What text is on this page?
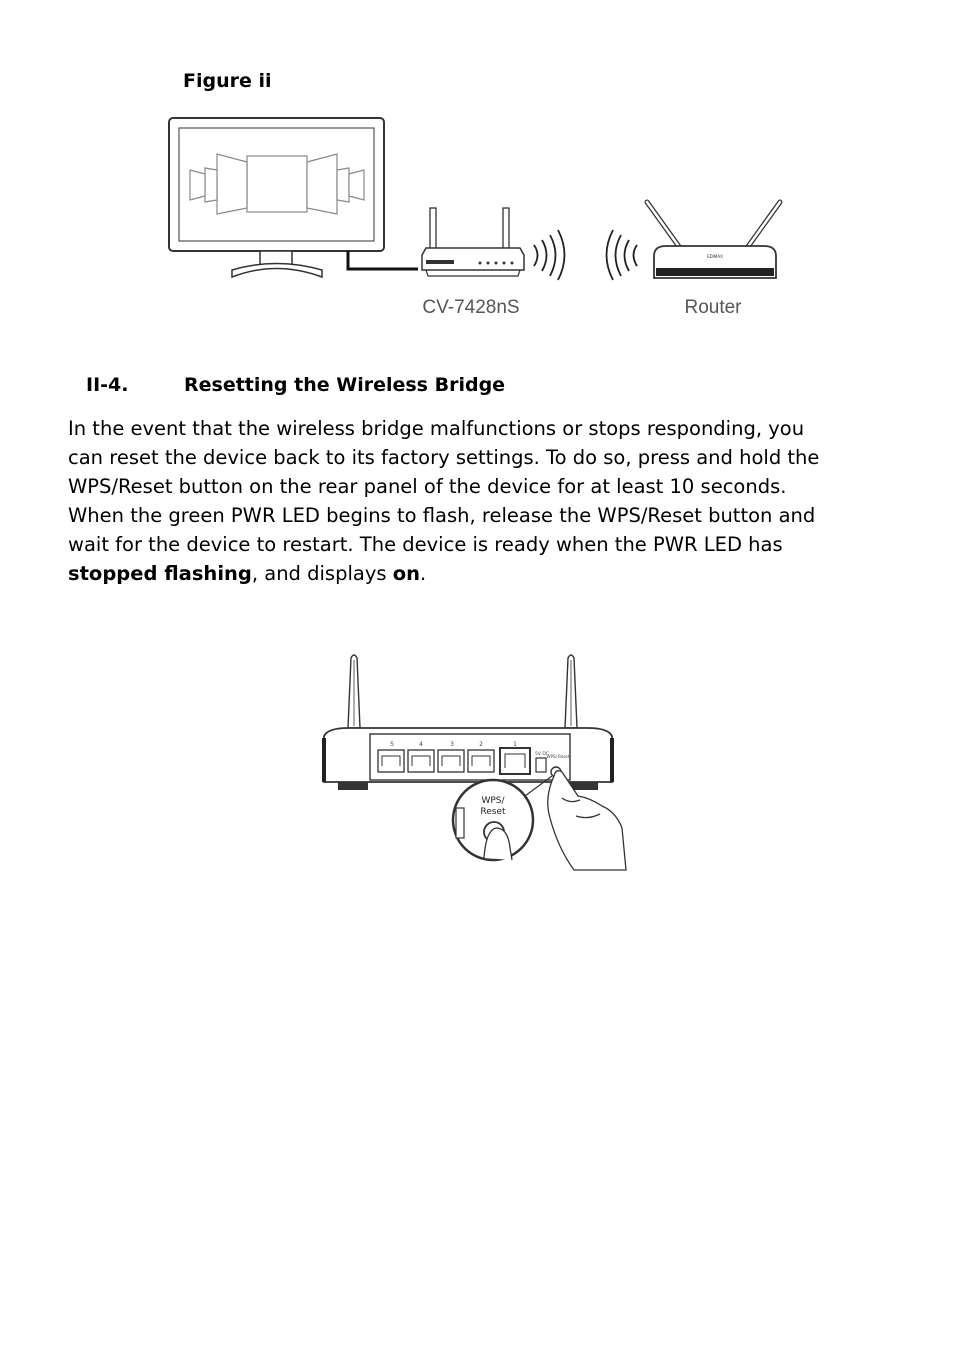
Figure ii
EDIMAX
CV-7428nS	Router
II-4.	Resetting the Wireless Bridge

In the event that the wireless bridge malfunctions or stops responding, you
can reset the device back to its factory settings. To do so, press and hold the
WPS/Reset button on the rear panel of the device for at least 10 seconds.
When the green PWR LED begins to flash, release the WPS/Reset button and
wait for the device to restart. The device is ready when the PWR LED has
stopped flashing, and displays on.

5	4	3	2	1
5V DC
WPS/ Reset
WPS/
Reset
